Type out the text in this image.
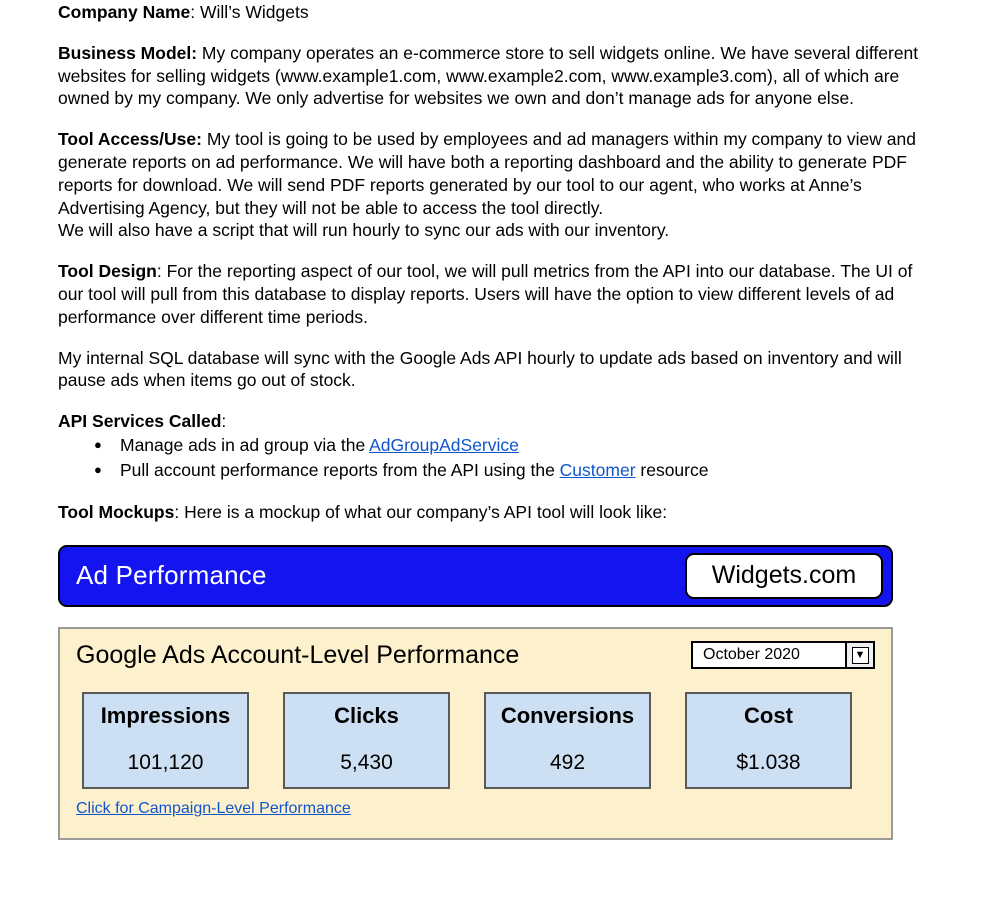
Company Name: Will’s Widgets

Business Model: My company operates an e-commerce store to sell widgets online. We have several different websites for selling widgets (www.example1.com, www.example2.com, www.example3.com), all of which are owned by my company. We only advertise for websites we own and don’t manage ads for anyone else.

Tool Access/Use: My tool is going to be used by employees and ad managers within my company to view and generate reports on ad performance. We will have both a reporting dashboard and the ability to generate PDF reports for download. We will send PDF reports generated by our tool to our agent, who works at Anne’s Advertising Agency, but they will not be able to access the tool directly.

We will also have a script that will run hourly to sync our ads with our inventory.

Tool Design: For the reporting aspect of our tool, we will pull metrics from the API into our database. The UI of our tool will pull from this database to display reports. Users will have the option to view different levels of ad performance over different time periods.

My internal SQL database will sync with the Google Ads API hourly to update ads based on inventory and will pause ads when items go out of stock.

API Services Called:

● Manage ads in ad group via the AdGroupAdService
● Pull account performance reports from the API using the Customer resource

Tool Mockups: Here is a mockup of what our company’s API tool will look like:

Ad Performance	Widgets.com
Google Ads Account-Level Performance	October 2020	▼
Impressions
101,120
Clicks
5,430
Conversions
492
Cost
$1.038
Click for Campaign-Level Performance
